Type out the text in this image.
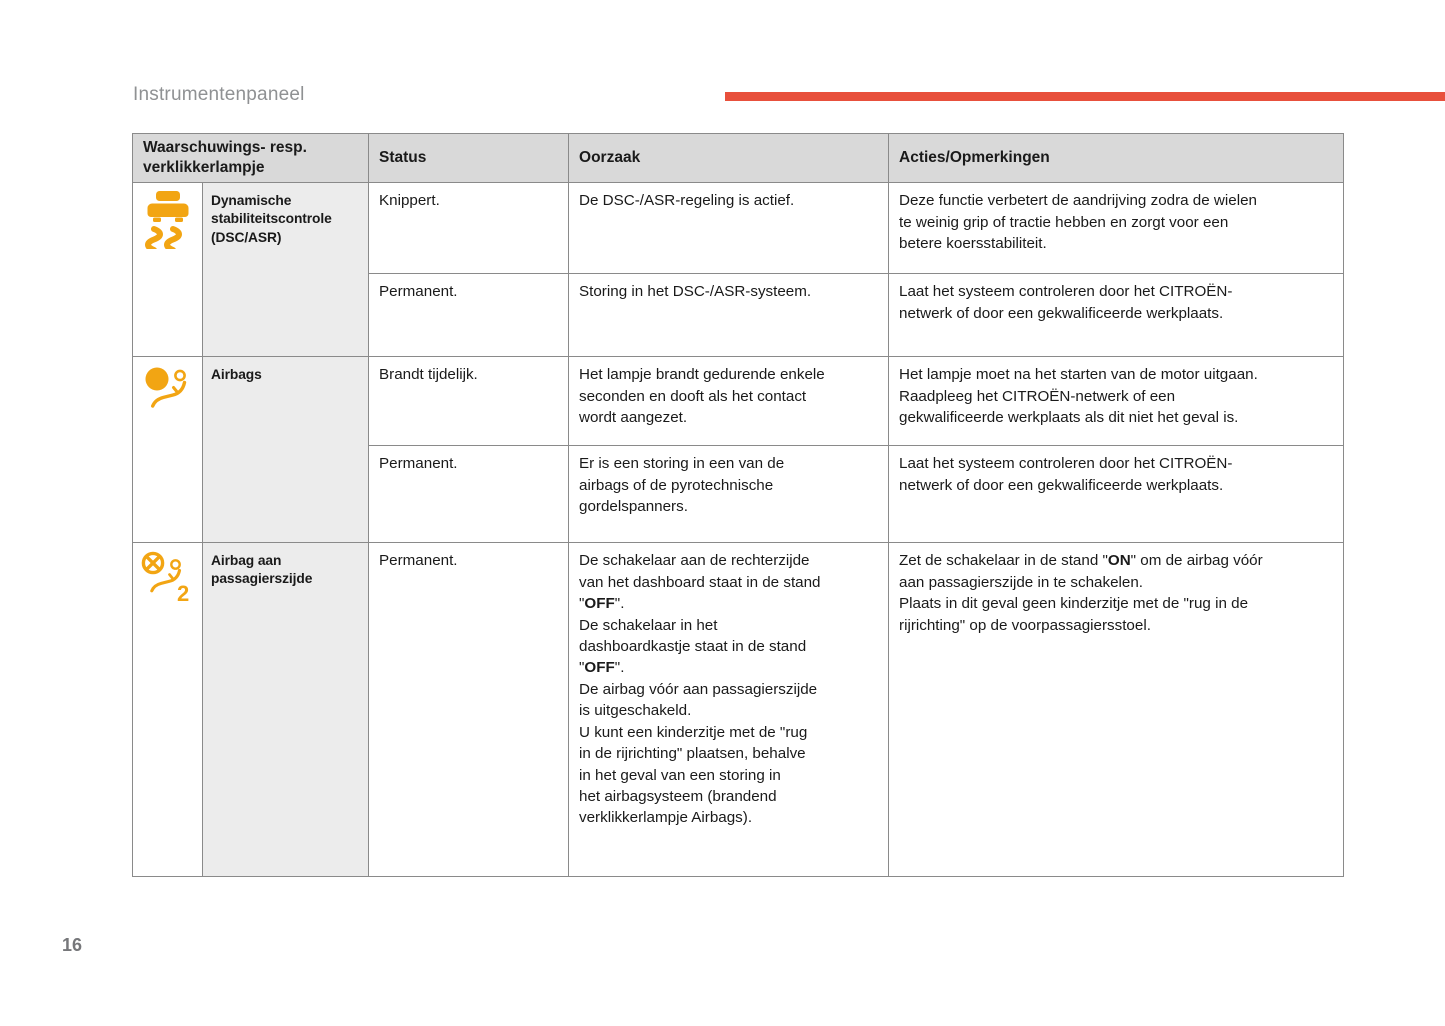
Instrumentenpaneel
Waarschuwings- resp.
verklikkerlampje		Status	Oorzaak	Acties/Opmerkingen
	Dynamische
stabiliteitscontrole
(DSC/ASR)	Knippert.	De DSC-/ASR-regeling is actief.	Deze functie verbetert de aandrijving zodra de wielen
te weinig grip of tractie hebben en zorgt voor een
betere koersstabiliteit.
		Permanent.	Storing in het DSC-/ASR-systeem.	Laat het systeem controleren door het CITROËN-
netwerk of door een gekwalificeerde werkplaats.
	Airbags	Brandt tijdelijk.	Het lampje brandt gedurende enkele
seconden en dooft als het contact
wordt aangezet.	Het lampje moet na het starten van de motor uitgaan.
Raadpleeg het CITROËN-netwerk of een
gekwalificeerde werkplaats als dit niet het geval is.
		Permanent.	Er is een storing in een van de
airbags of de pyrotechnische
gordelspanners.	Laat het systeem controleren door het CITROËN-
netwerk of door een gekwalificeerde werkplaats.

2
	Airbag aan
passagierszijde	Permanent.	De schakelaar aan de rechterzijde
van het dashboard staat in de stand
"OFF".
De schakelaar in het
dashboardkastje staat in de stand
"OFF".
De airbag vóór aan passagierszijde
is uitgeschakeld.
U kunt een kinderzitje met de "rug
in de rijrichting" plaatsen, behalve
in het geval van een storing in
het airbagsysteem (brandend
verklikkerlampje Airbags).	Zet de schakelaar in de stand "ON" om de airbag vóór
aan passagierszijde in te schakelen.
Plaats in dit geval geen kinderzitje met de "rug in de
rijrichting" op de voorpassagiersstoel.
16
